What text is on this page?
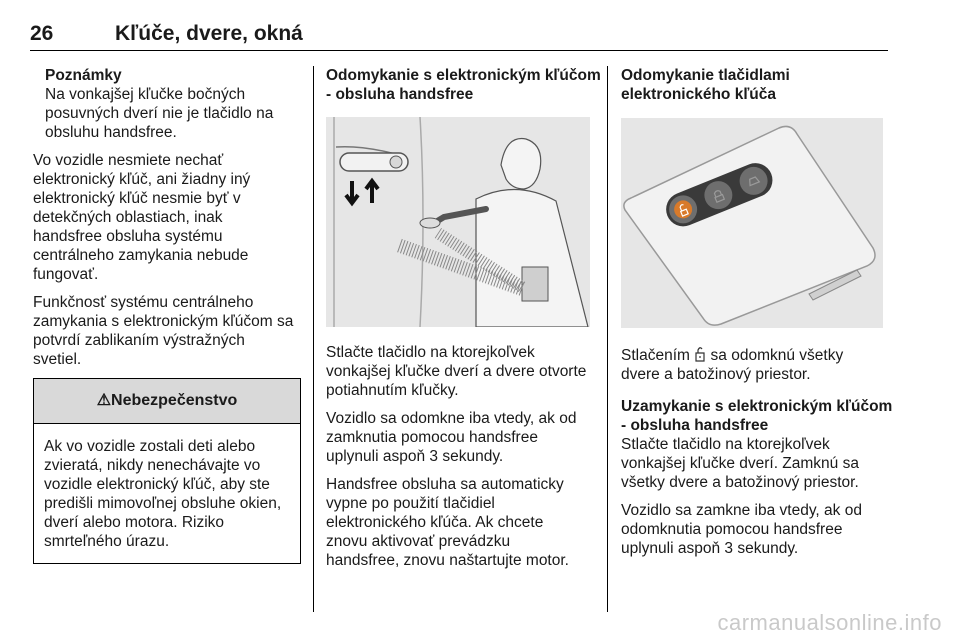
26	Kľúče, dvere, okná
Poznámky
Na vonkajšej kľučke bočných
posuvných dverí nie je tlačidlo na
obsluhu handsfree.
Vo vozidle nesmiete nechať
elektronický kľúč, ani žiadny iný
elektronický kľúč nesmie byť v
detekčných oblastiach, inak
handsfree obsluha systému
centrálneho zamykania nebude
fungovať.
Funkčnosť systému centrálneho
zamykania s elektronickým kľúčom sa
potvrdí zablikaním výstražných
svetiel.
⚠Nebezpečenstvo
Ak vo vozidle zostali deti alebo
zvieratá, nikdy nenechávajte vo
vozidle elektronický kľúč, aby ste
predišli mimovoľnej obsluhe okien,
dverí alebo motora. Riziko
smrteľného úrazu.
Odomykanie s elektronickým kľúčom
- obsluha handsfree
Stlačte tlačidlo na ktorejkoľvek
vonkajšej kľučke dverí a dvere otvorte
potiahnutím kľučky.
Vozidlo sa odomkne iba vtedy, ak od
zamknutia pomocou handsfree
uplynuli aspoň 3 sekundy.
Handsfree obsluha sa automaticky
vypne po použití tlačidiel
elektronického kľúča. Ak chcete
znovu aktivovať prevádzku
handsfree, znovu naštartujte motor.
Odomykanie tlačidlami
elektronického kľúča
Stlačením sa odomknú všetky
dvere a batožinový priestor.
Uzamykanie s elektronickým kľúčom
- obsluha handsfree
Stlačte tlačidlo na ktorejkoľvek
vonkajšej kľučke dverí. Zamknú sa
všetky dvere a batožinový priestor.
Vozidlo sa zamkne iba vtedy, ak od
odomknutia pomocou handsfree
uplynuli aspoň 3 sekundy.
carmanualsonline.info
